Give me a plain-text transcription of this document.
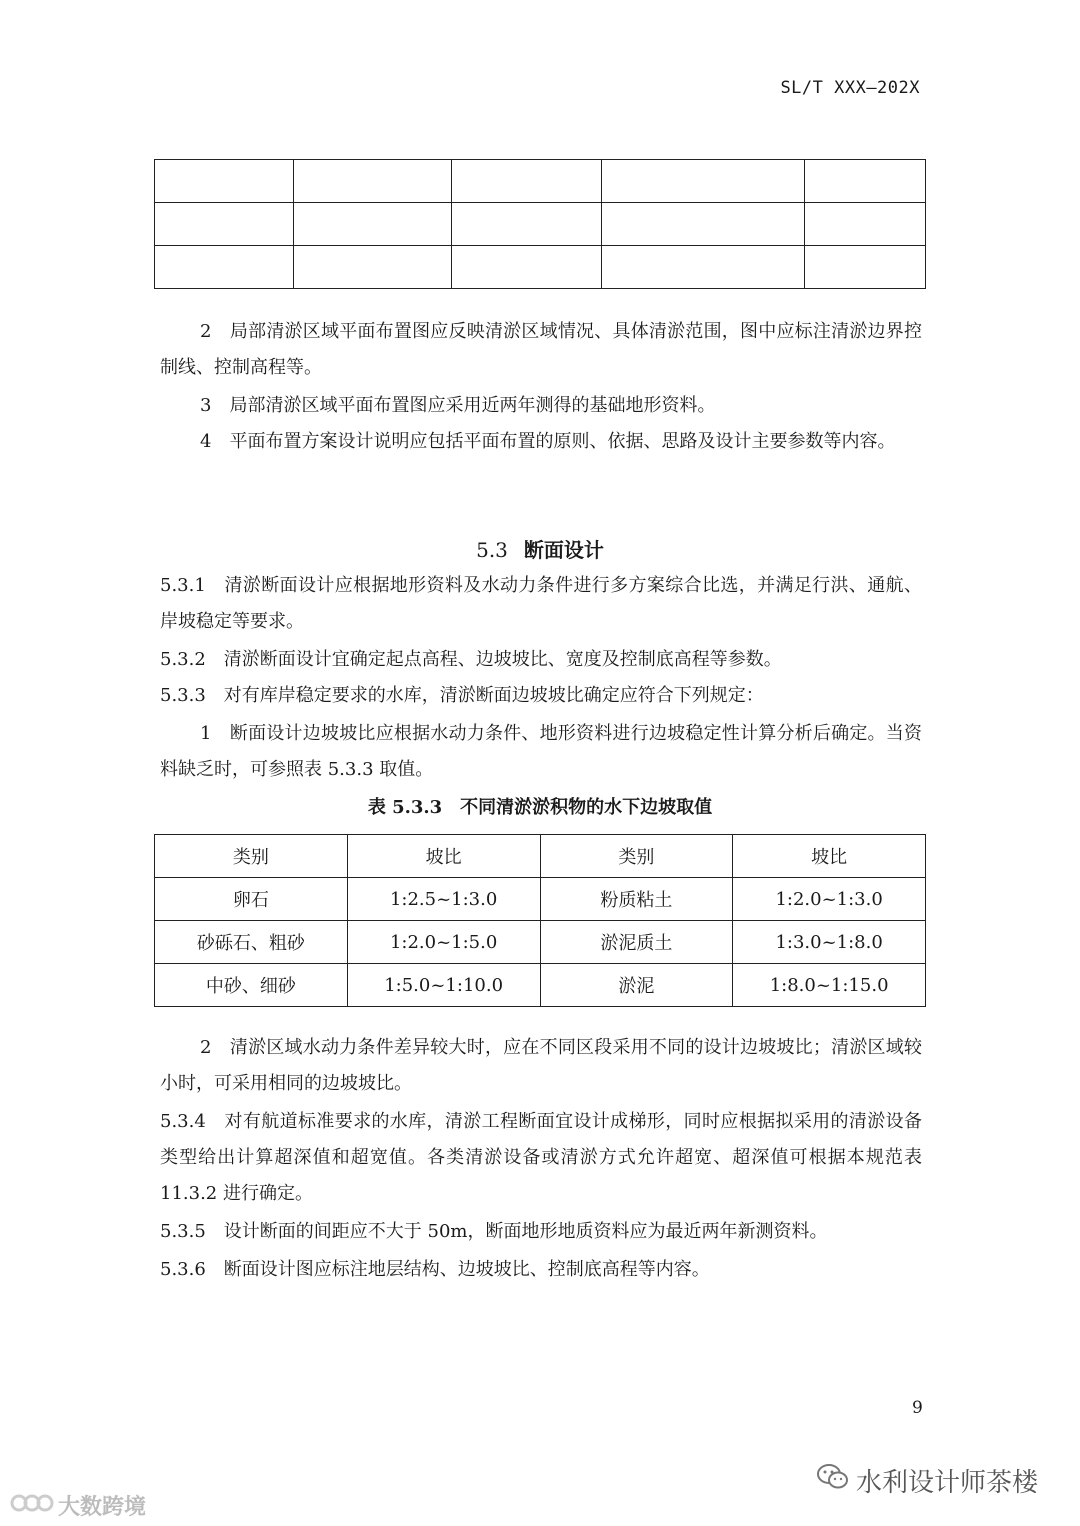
SL/T XXX—202X

2　局部清淤区域平面布置图应反映清淤区域情况、具体清淤范围，图中应标注清淤边界控制线、控制高程等。

3　局部清淤区域平面布置图应采用近两年测得的基础地形资料。

4　平面布置方案设计说明应包括平面布置的原则、依据、思路及设计主要参数等内容。

5.3 断面设计

5.3.1　清淤断面设计应根据地形资料及水动力条件进行多方案综合比选，并满足行洪、通航、岸坡稳定等要求。

5.3.2　清淤断面设计宜确定起点高程、边坡坡比、宽度及控制底高程等参数。

5.3.3　对有库岸稳定要求的水库，清淤断面边坡坡比确定应符合下列规定：

1　断面设计边坡坡比应根据水动力条件、地形资料进行边坡稳定性计算分析后确定。当资料缺乏时，可参照表 5.3.3 取值。

表 5.3.3　不同清淤淤积物的水下边坡取值
类别	坡比	类别	坡比
卵石	1:2.5~1:3.0	粉质粘土	1:2.0~1:3.0
砂砾石、粗砂	1:2.0~1:5.0	淤泥质土	1:3.0~1:8.0
中砂、细砂	1:5.0~1:10.0	淤泥	1:8.0~1:15.0

2　清淤区域水动力条件差异较大时，应在不同区段采用不同的设计边坡坡比；清淤区域较小时，可采用相同的边坡坡比。

5.3.4　对有航道标准要求的水库，清淤工程断面宜设计成梯形，同时应根据拟采用的清淤设备类型给出计算超深值和超宽值。各类清淤设备或清淤方式允许超宽、超深值可根据本规范表 11.3.2 进行确定。

5.3.5　设计断面的间距应不大于 50m，断面地形地质资料应为最近两年新测资料。

5.3.6　断面设计图应标注地层结构、边坡坡比、控制底高程等内容。

9
水利设计师茶楼
大数跨境
